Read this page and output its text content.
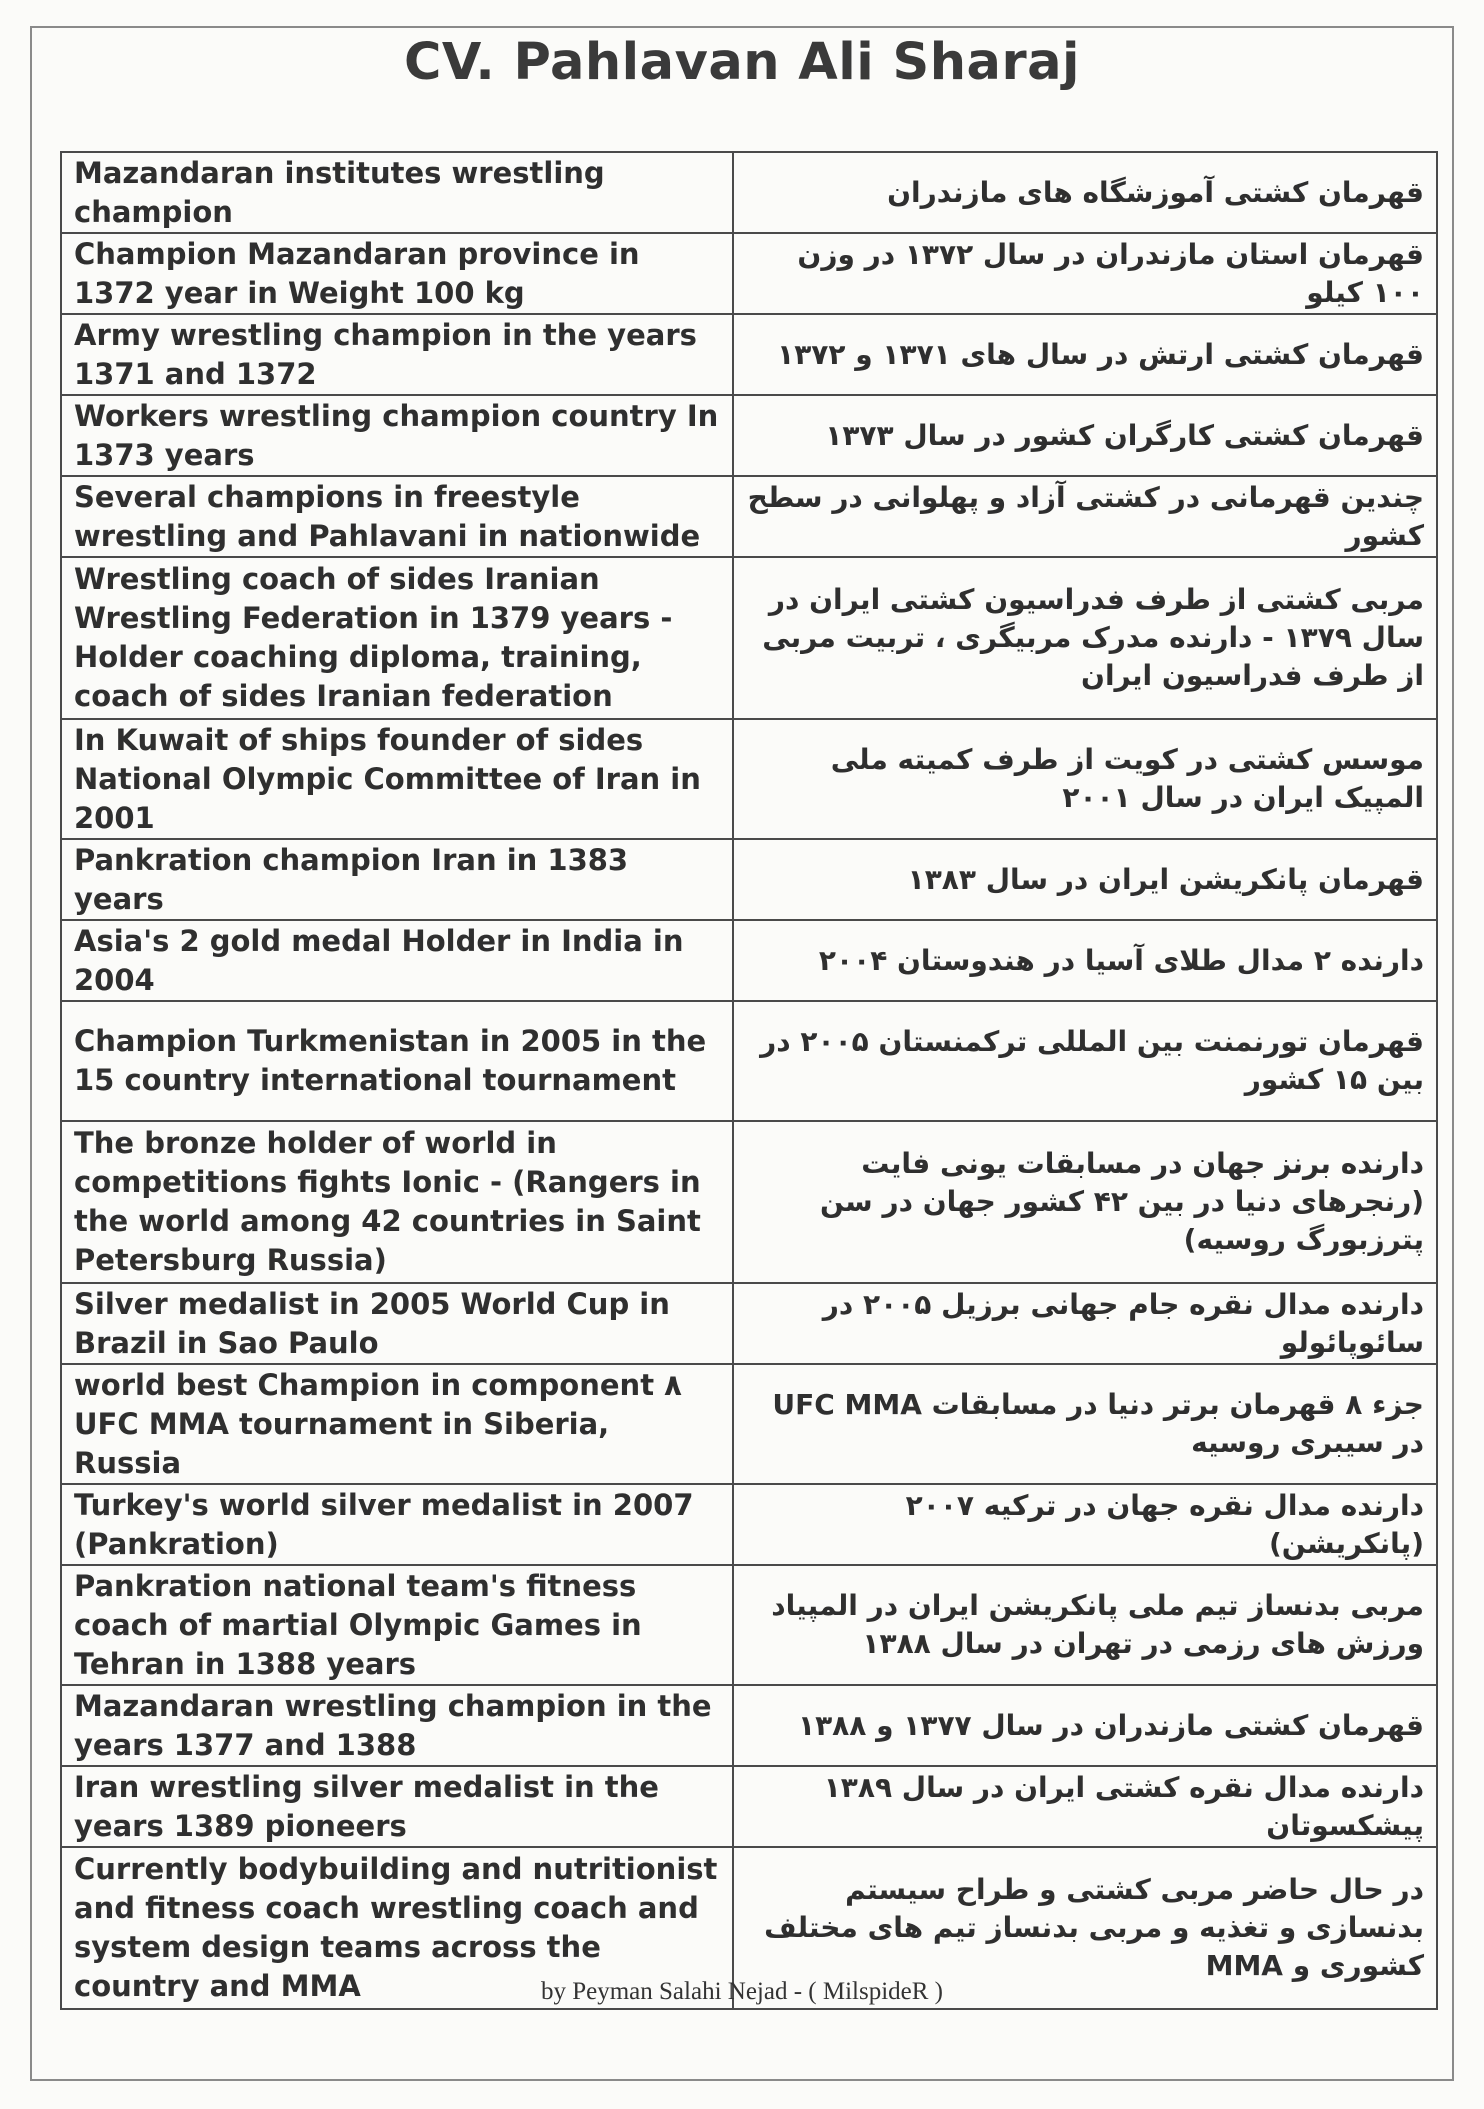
CV. Pahlavan Ali Sharaj
Mazandaran institutes wrestling champion	قهرمان کشتی آموزشگاه های مازندران
Champion Mazandaran province in 1372 year in Weight 100 kg	قهرمان استان مازندران در سال ۱۳۷۲ در وزن ۱۰۰ کیلو
Army wrestling champion in the years 1371 and 1372	قهرمان کشتی ارتش در سال های ۱۳۷۱ و ۱۳۷۲
Workers wrestling champion country In 1373 years	قهرمان کشتی کارگران کشور در سال ۱۳۷۳
Several champions in freestyle wrestling and Pahlavani in nationwide	چندین قهرمانی در کشتی آزاد و پهلوانی در سطح کشور
Wrestling coach of sides Iranian Wrestling Federation in 1379 years - Holder coaching diploma, training, coach of sides Iranian federation	مربی کشتی از طرف فدراسیون کشتی ایران در سال ۱۳۷۹ - دارنده مدرک مربیگری ، تربیت مربی از طرف فدراسیون ایران
In Kuwait of ships founder of sides National Olympic Committee of Iran in 2001	موسس کشتی در کویت از طرف کمیته ملی المپیک ایران در سال ۲۰۰۱
Pankration champion Iran in 1383 years	قهرمان پانکریشن ایران در سال ۱۳۸۳
Asia's 2 gold medal Holder in India in 2004	دارنده ۲ مدال طلای آسیا در هندوستان ۲۰۰۴
Champion Turkmenistan in 2005 in the 15 country international tournament	قهرمان تورنمنت بین المللی ترکمنستان ۲۰۰۵ در بین ۱۵ کشور
The bronze holder of world in competitions fights Ionic - (Rangers in the world among 42 countries in Saint Petersburg Russia)	دارنده برنز جهان در مسابقات یونی فایت (رنجرهای دنیا در بین ۴۲ کشور جهان در سن پترزبورگ روسیه)
Silver medalist in 2005 World Cup in Brazil in Sao Paulo	دارنده مدال نقره جام جهانی برزیل ۲۰۰۵ در سائوپائولو
world best Champion in component ۸ UFC MMA tournament in Siberia, Russia	جزء ۸ قهرمان برتر دنیا در مسابقات UFC MMA در سیبری روسیه
Turkey's world silver medalist in 2007 (Pankration)	دارنده مدال نقره جهان در ترکیه ۲۰۰۷ (پانکریشن)
Pankration national team's fitness coach of martial Olympic Games in Tehran in 1388 years	مربی بدنساز تیم ملی پانکریشن ایران در المپیاد ورزش های رزمی در تهران در سال ۱۳۸۸
Mazandaran wrestling champion in the years 1377 and 1388	قهرمان کشتی مازندران در سال ۱۳۷۷ و ۱۳۸۸
Iran wrestling silver medalist in the years 1389 pioneers	دارنده مدال نقره کشتی ایران در سال ۱۳۸۹ پیشکسوتان
Currently bodybuilding and nutritionist and fitness coach wrestling coach and system design teams across the country and MMA	در حال حاضر مربی کشتی و طراح سیستم بدنسازی و تغذیه و مربی بدنساز تیم های مختلف کشوری و MMA
by Peyman Salahi Nejad - ( MilspideR )
